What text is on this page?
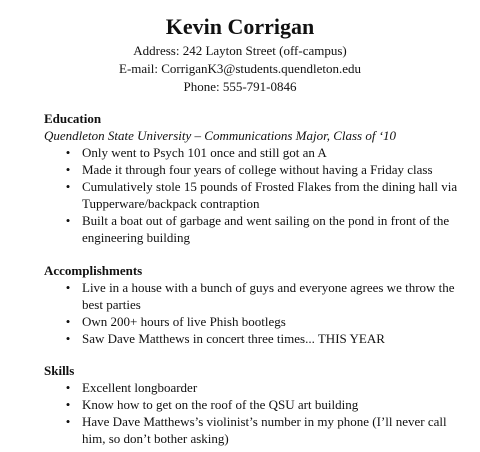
Kevin Corrigan
Address: 242 Layton Street (off-campus)
E-mail: CorriganK3@students.quendleton.edu
Phone: 555-791-0846
Education
Quendleton State University – Communications Major, Class of ‘10
• Only went to Psych 101 once and still got an A
• Made it through four years of college without having a Friday class
• Cumulatively stole 15 pounds of Frosted Flakes from the dining hall via Tupperware/backpack contraption
• Built a boat out of garbage and went sailing on the pond in front of the engineering building
Accomplishments
• Live in a house with a bunch of guys and everyone agrees we throw the best parties
• Own 200+ hours of live Phish bootlegs
• Saw Dave Matthews in concert three times... THIS YEAR
Skills
• Excellent longboarder
• Know how to get on the roof of the QSU art building
• Have Dave Matthews’s violinist’s number in my phone (I’ll never call him, so don’t bother asking)
